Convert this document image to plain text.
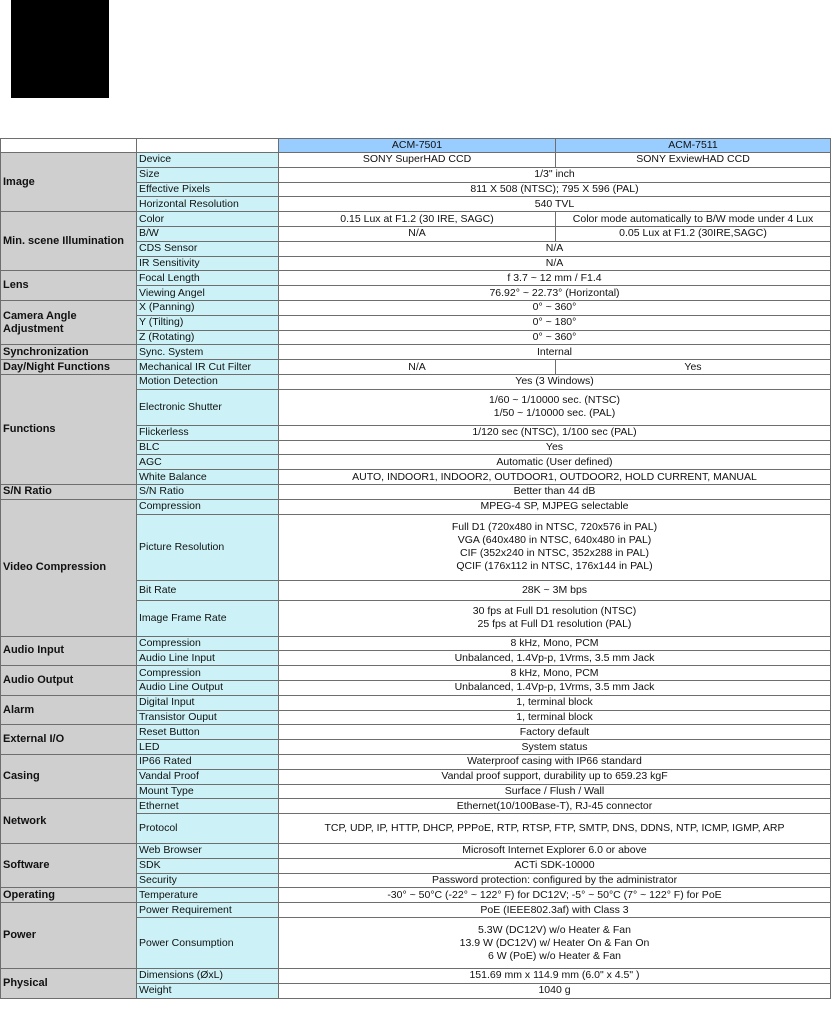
		ACM-7501	ACM-7511
Image	Device	SONY SuperHAD CCD	SONY ExviewHAD CCD
	Size	1/3" inch	
	Effective Pixels	811 X 508 (NTSC); 795 X 596 (PAL)	
	Horizontal Resolution	540 TVL	
Min. scene Illumination	Color	0.15 Lux at F1.2 (30 IRE, SAGC)	Color mode automatically to B/W mode under 4 Lux
	B/W	N/A	0.05 Lux at F1.2 (30IRE,SAGC)
	CDS Sensor	N/A	
	IR Sensitivity	N/A	
Lens	Focal Length	f 3.7 ~ 12 mm / F1.4	
	Viewing Angel	76.92° ~ 22.73° (Horizontal)	
Camera Angle Adjustment	X (Panning)	0° ~ 360°	
	Y (Tilting)	0° ~ 180°	
	Z (Rotating)	0° ~ 360°	
Synchronization	Sync. System	Internal	
Day/Night Functions	Mechanical IR Cut Filter	N/A	Yes
Functions	Motion Detection	Yes (3 Windows)	
	Electronic Shutter	1/60 ~ 1/10000 sec. (NTSC)
1/50 ~ 1/10000 sec. (PAL)	

	Flickerless	1/120 sec (NTSC), 1/100 sec (PAL)	
	BLC	Yes	
	AGC	Automatic (User defined)	
	White Balance	AUTO, INDOOR1, INDOOR2, OUTDOOR1, OUTDOOR2, HOLD CURRENT, MANUAL	
S/N Ratio	S/N Ratio	Better than 44 dB	
Video Compression	Compression	MPEG-4 SP, MJPEG selectable	
	Picture Resolution	Full D1 (720x480 in NTSC, 720x576 in PAL)
VGA (640x480 in NTSC, 640x480 in PAL)
CIF (352x240 in NTSC, 352x288 in PAL)
QCIF (176x112 in NTSC, 176x144 in PAL)	

	Bit Rate	28K ~ 3M bps	
	Image Frame Rate	30 fps at Full D1 resolution (NTSC)
25 fps at Full D1 resolution (PAL)	

Audio Input	Compression	8 kHz, Mono, PCM	
	Audio Line Input	Unbalanced, 1.4Vp-p, 1Vrms, 3.5 mm Jack	
Audio Output	Compression	8 kHz, Mono, PCM	
	Audio Line Output	Unbalanced, 1.4Vp-p, 1Vrms, 3.5 mm Jack	
Alarm	Digital Input	1, terminal block	
	Transistor Ouput	1, terminal block	
External I/O	Reset Button	Factory default	
	LED	System status	
Casing	IP66 Rated	Waterproof casing with IP66 standard	
	Vandal Proof	Vandal proof support, durability up to 659.23 kgF	
	Mount Type	Surface / Flush / Wall	
Network	Ethernet	Ethernet(10/100Base-T), RJ-45 connector	
	Protocol	TCP, UDP, IP, HTTP, DHCP, PPPoE, RTP, RTSP, FTP, SMTP, DNS, DDNS, NTP, ICMP, IGMP, ARP	
Software	Web Browser	Microsoft Internet Explorer 6.0 or above	
	SDK	ACTi SDK-10000	
	Security	Password protection: configured by the administrator	
Operating	Temperature	-30° ~ 50°C (-22° ~ 122° F) for DC12V; -5° ~ 50°C (7° ~ 122° F) for PoE	
Power	Power Requirement	PoE (IEEE802.3af) with Class 3	
	Power Consumption	5.3W (DC12V) w/o Heater & Fan
13.9 W (DC12V) w/ Heater On & Fan On
6 W (PoE) w/o Heater & Fan	

Physical	Dimensions (ØxL)	151.69 mm x 114.9 mm (6.0" x 4.5" )	
	Weight	1040 g	
